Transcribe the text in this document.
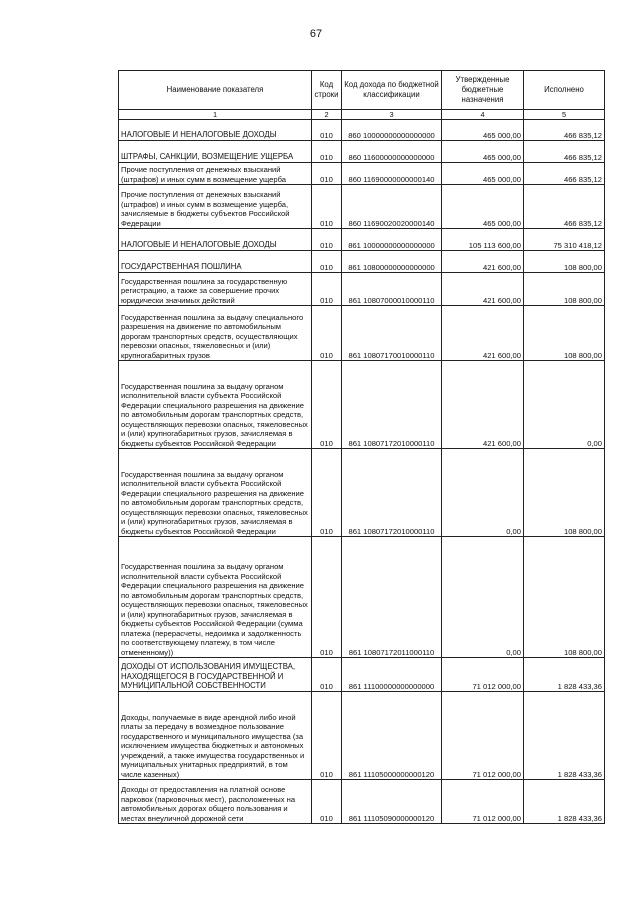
67
Наименование показателя	Код строки	Код дохода по бюджетной классификации	Утвержденные бюджетные назначения	Исполнено
1	2	3	4	5
НАЛОГОВЫЕ И НЕНАЛОГОВЫЕ ДОХОДЫ	010	860 10000000000000000	465 000,00	466 835,12
ШТРАФЫ, САНКЦИИ, ВОЗМЕЩЕНИЕ УЩЕРБА	010	860 11600000000000000	465 000,00	466 835,12
Прочие поступления от денежных взысканий (штрафов) и иных сумм в возмещение ущерба	010	860 11690000000000140	465 000,00	466 835,12
Прочие поступления от денежных взысканий (штрафов) и иных сумм в возмещение ущерба, зачисляемые в бюджеты субъектов Российской Федерации	010	860 11690020020000140	465 000,00	466 835,12
НАЛОГОВЫЕ И НЕНАЛОГОВЫЕ ДОХОДЫ	010	861 10000000000000000	105 113 600,00	75 310 418,12
ГОСУДАРСТВЕННАЯ ПОШЛИНА	010	861 10800000000000000	421 600,00	108 800,00
Государственная пошлина за государственную регистрацию, а также за совершение прочих юридически значимых действий	010	861 10807000010000110	421 600,00	108 800,00
Государственная пошлина за выдачу специального разрешения на движение по автомобильным дорогам транспортных средств, осуществляющих перевозки опасных, тяжеловесных и (или) крупногабаритных грузов	010	861 10807170010000110	421 600,00	108 800,00
Государственная пошлина за выдачу органом исполнительной власти субъекта Российской Федерации специального разрешения на движение по автомобильным дорогам транспортных средств, осуществляющих перевозки опасных, тяжеловесных и (или) крупногабаритных грузов, зачисляемая в бюджеты субъектов Российской Федерации	010	861 10807172010000110	421 600,00	0,00
Государственная пошлина за выдачу органом исполнительной власти субъекта Российской Федерации специального разрешения на движение по автомобильным дорогам транспортных средств, осуществляющих перевозки опасных, тяжеловесных и (или) крупногабаритных грузов, зачисляемая в бюджеты субъектов Российской Федерации	010	861 10807172010000110	0,00	108 800,00
Государственная пошлина за выдачу органом исполнительной власти субъекта Российской Федерации специального разрешения на движение по автомобильным дорогам транспортных средств, осуществляющих перевозки опасных, тяжеловесных и (или) крупногабаритных грузов, зачисляемая в бюджеты субъектов Российской Федерации (сумма платежа (перерасчеты, недоимка и задолженность по соответствующему платежу, в том числе отмененному))	010	861 10807172011000110	0,00	108 800,00
ДОХОДЫ ОТ ИСПОЛЬЗОВАНИЯ ИМУЩЕСТВА, НАХОДЯЩЕГОСЯ В ГОСУДАРСТВЕННОЙ И МУНИЦИПАЛЬНОЙ СОБСТВЕННОСТИ	010	861 11100000000000000	71 012 000,00	1 828 433,36
Доходы, получаемые в виде арендной либо иной платы за передачу в возмездное пользование государственного и муниципального имущества (за исключением имущества бюджетных и автономных учреждений, а также имущества государственных и муниципальных унитарных предприятий, в том числе казенных)	010	861 11105000000000120	71 012 000,00	1 828 433,36
Доходы от предоставления на платной основе парковок (парковочных мест), расположенных на автомобильных дорогах общего пользования и местах внеуличной дорожной сети	010	861 11105090000000120	71 012 000,00	1 828 433,36
